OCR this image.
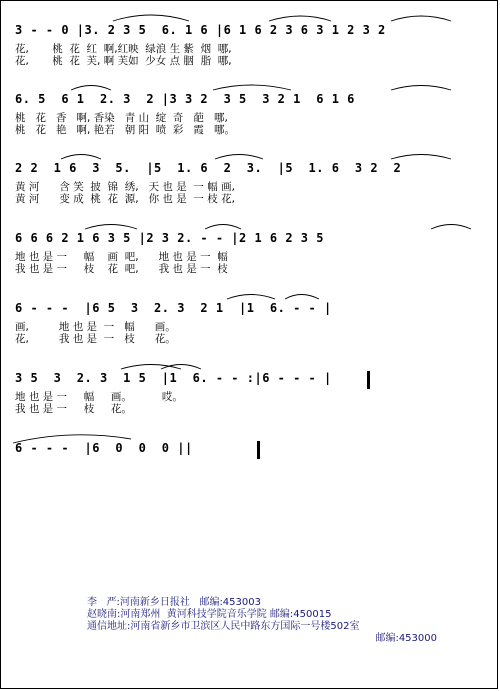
3 - - 0 |3. 2 3 5  6. 1 6 |6 1 6 2 3 6 3 1 2 3 2
花,       桃  花  红  啊,红映  绿浪 生 紫  烟  哪,
花,       桃  花  芙, 啊 芙如  少女 点 胭  脂  哪,
6. 5  6 1  2. 3  2 |3 3 2  3 5  3 2 1  6 1 6
桃   花   香   啊, 香染   青 山  绽  奇   葩   哪,
桃   花   艳   啊, 艳若   朝 阳  喷  彩   霞   哪。
2 2  1 6  3  5.  |5  1. 6  2  3.  |5  1. 6  3 2  2
黄 河      含 笑  披  锦  绣,   天 也 是  一 幅 画,
黄 河      变 成  桃  花  源,   你 也 是  一 枝 花,
6 6 6 2 1 6 3 5 |2 3 2. - - |2 1 6 2 3 5
地 也 是 一     幅    画  吧,      地 也 是 一  幅
我 也 是 一     枝    花  吧,      我 也 是 一  枝
6 - - -  |6 5  3  2. 3  2 1  |1  6. - - |
画,         地 也 是  一   幅      画。
花,         我 也 是  一   枝      花。
3 5  3  2. 3  1 5  |1  6. - - :|6 - - - |
地 也 是 一     幅     画。         哎。
我 也 是 一     枝     花。
6 - - -  |6  0  0  0 ||
李   严:河南新乡日报社   邮编:453003
赵晓南:河南郑州  黄河科技学院音乐学院 邮编:450015
通信地址:河南省新乡市卫滨区人民中路东方国际一号楼502室
邮编:453000
